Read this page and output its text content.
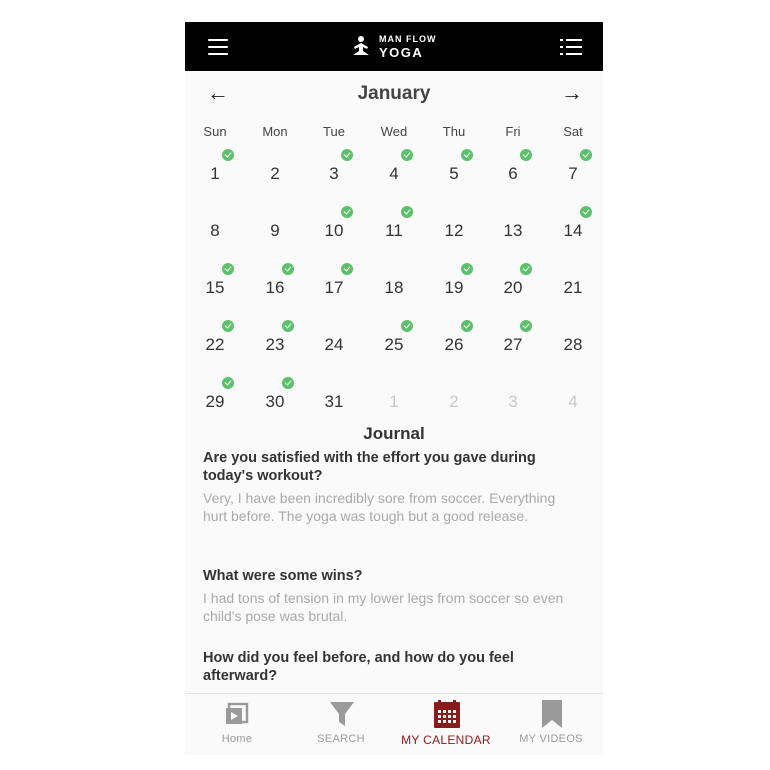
MAN FLOW
YOGA
←	January	→
Sun	Mon	Tue	Wed	Thu	Fri	Sat
1	2	3	4	5	6	7
8	9	10	11	12	13	14
15	16	17	18	19	20	21
22	23	24	25	26	27	28
29	30	31	1	2	3	4
Journal
Are you satisfied with the effort you gave during today's workout?
Very, I have been incredibly sore from soccer. Everything hurt before. The yoga was tough but a good release.
What were some wins?
I had tons of tension in my lower legs from soccer so even child's pose was brutal.
How did you feel before, and how do you feel afterward?
Home	SEARCH	MY CALENDAR	MY VIDEOS
